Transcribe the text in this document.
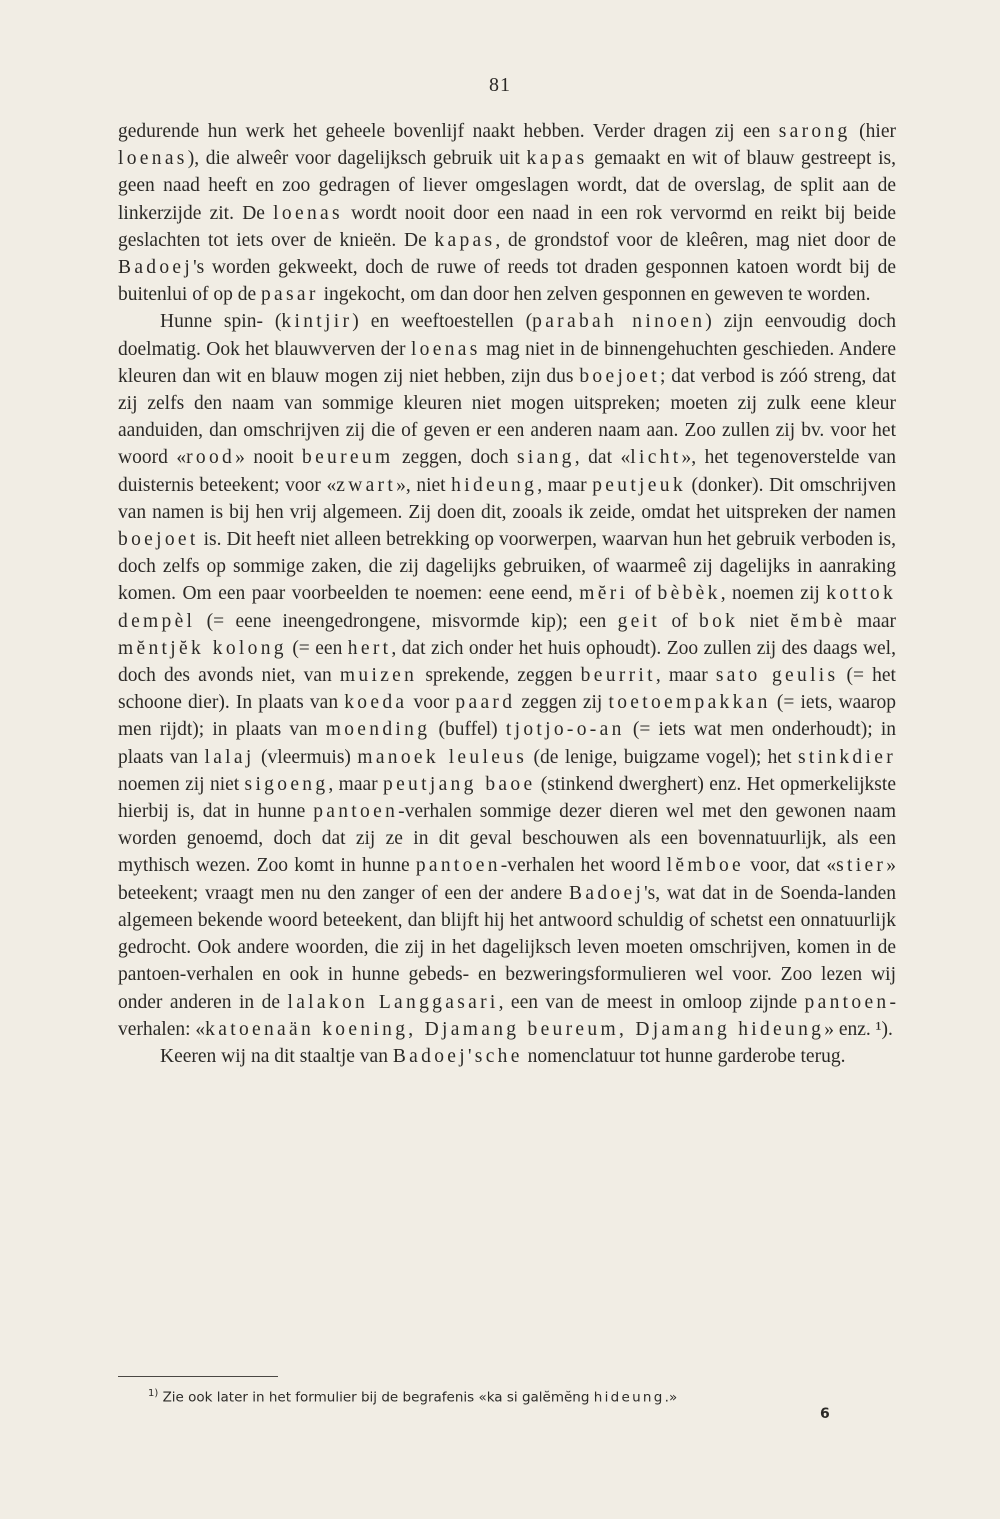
81

gedurende hun werk het geheele bovenlijf naakt hebben. Verder dragen zij een sarong (hier loenas), die alweêr voor dagelijksch gebruik uit kapas gemaakt en wit of blauw gestreept is, geen naad heeft en zoo gedragen of liever omgeslagen wordt, dat de overslag, de split aan de linkerzijde zit. De loenas wordt nooit door een naad in een rok vervormd en reikt bij beide geslachten tot iets over de knieën. De kapas, de grondstof voor de kleêren, mag niet door de Badoej's worden gekweekt, doch de ruwe of reeds tot draden gesponnen katoen wordt bij de buitenlui of op de pasar ingekocht, om dan door hen zelven gesponnen en geweven te worden.

Hunne spin- (kintjir) en weeftoestellen (parabah ninoen) zijn eenvoudig doch doelmatig. Ook het blauwverven der loenas mag niet in de binnengehuchten geschieden. Andere kleuren dan wit en blauw mogen zij niet hebben, zijn dus boejoet; dat verbod is zóó streng, dat zij zelfs den naam van sommige kleuren niet mogen uitspreken; moeten zij zulk eene kleur aanduiden, dan omschrijven zij die of geven er een anderen naam aan. Zoo zullen zij bv. voor het woord «rood» nooit beureum zeggen, doch siang, dat «licht», het tegenoverstelde van duisternis beteekent; voor «zwart», niet hideung, maar peutjeuk (donker). Dit omschrijven van namen is bij hen vrij algemeen. Zij doen dit, zooals ik zeide, omdat het uitspreken der namen boejoet is. Dit heeft niet alleen betrekking op voorwerpen, waarvan hun het gebruik verboden is, doch zelfs op sommige zaken, die zij dagelijks gebruiken, of waarmeê zij dagelijks in aanraking komen. Om een paar voorbeelden te noemen: eene eend, mĕri of bèbèk, noemen zij kottok dempèl (= eene ineengedrongene, misvormde kip); een geit of bok niet ĕmbè maar mĕntjĕk kolong (= een hert, dat zich onder het huis ophoudt). Zoo zullen zij des daags wel, doch des avonds niet, van muizen sprekende, zeggen beurrit, maar sato geulis (= het schoone dier). In plaats van koeda voor paard zeggen zij toetoempakkan (= iets, waarop men rijdt); in plaats van moending (buffel) tjotjo-o-an (= iets wat men onderhoudt); in plaats van lalaj (vleermuis) manoek leuleus (de lenige, buigzame vogel); het stinkdier noemen zij niet sigoeng, maar peutjang baoe (stinkend dwerghert) enz. Het opmerkelijkste hierbij is, dat in hunne pantoen-verhalen sommige dezer dieren wel met den gewonen naam worden genoemd, doch dat zij ze in dit geval beschouwen als een bovennatuurlijk, als een mythisch wezen. Zoo komt in hunne pantoen-verhalen het woord lĕmboe voor, dat «stier» beteekent; vraagt men nu den zanger of een der andere Badoej's, wat dat in de Soenda-landen algemeen bekende woord beteekent, dan blijft hij het antwoord schuldig of schetst een onnatuurlijk gedrocht. Ook andere woorden, die zij in het dagelijksch leven moeten omschrijven, komen in de pantoen-verhalen en ook in hunne gebeds- en bezweringsformulieren wel voor. Zoo lezen wij onder anderen in de lalakon Langgasari, een van de meest in omloop zijnde pantoen-verhalen: «katoenaän koening, Djamang beureum, Djamang hideung» enz. ¹).

Keeren wij na dit staaltje van Badoej'sche nomenclatuur tot hunne garderobe terug.

$^{1)}$ Zie ook later in het formulier bij de begrafenis «ka si galĕmĕng hideung.»
6
